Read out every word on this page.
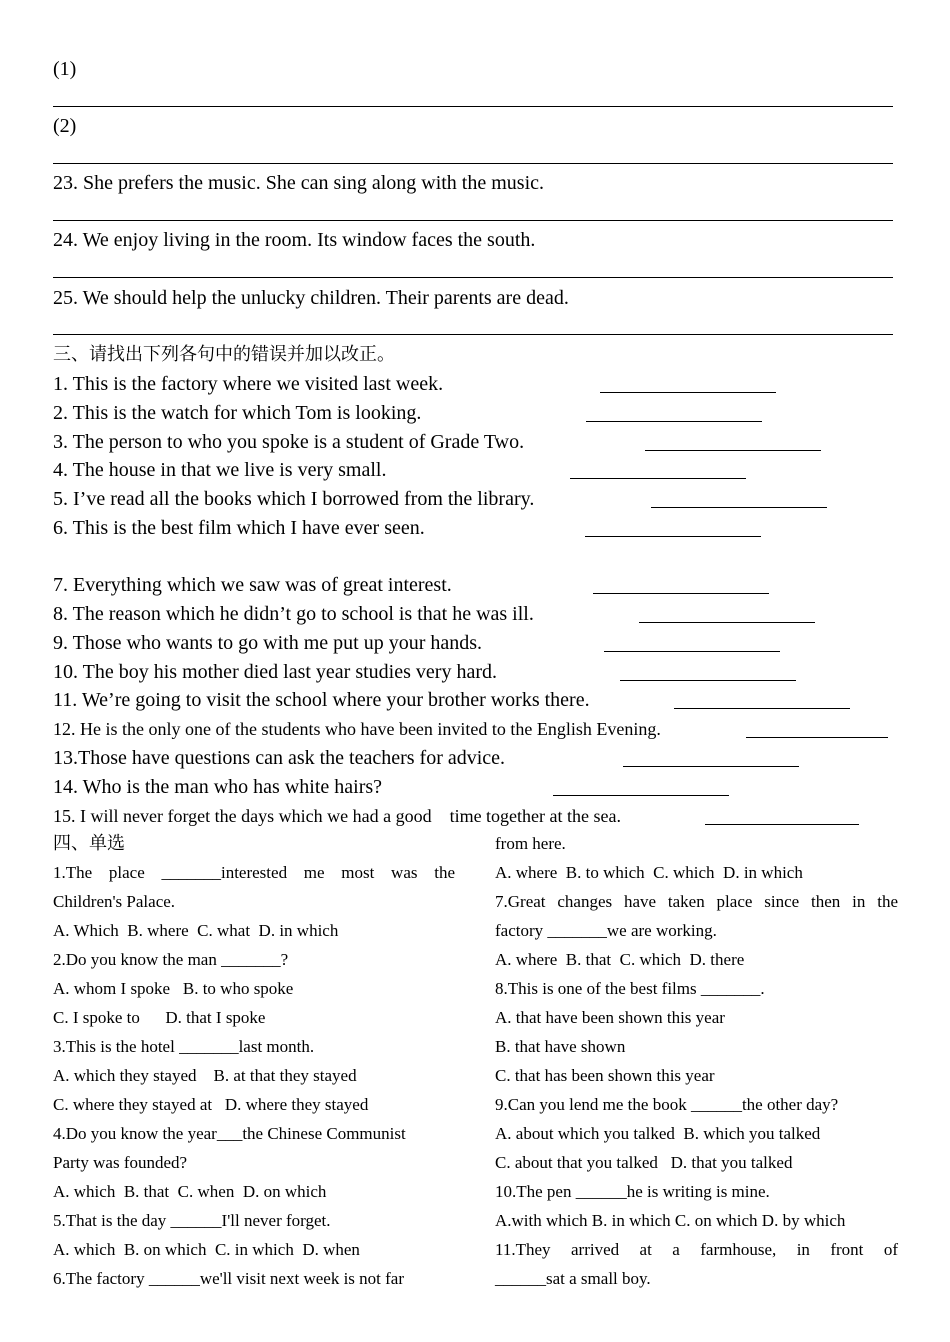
(1)
(2)
23. She prefers the music. She can sing along with the music.
24. We enjoy living in the room. Its window faces the south.
25. We should help the unlucky children. Their parents are dead.
三、请找出下列各句中的错误并加以改正。
1. This is the factory where we visited last week.
2. This is the watch for which Tom is looking.
3. The person to who you spoke is a student of Grade Two.
4. The house in that we live is very small.
5. I’ve read all the books which I borrowed from the library.
6. This is the best film which I have ever seen.
7. Everything which we saw was of great interest.
8. The reason which he didn’t go to school is that he was ill.
9. Those who wants to go with me put up your hands.
10. The boy his mother died last year studies very hard.
11. We’re going to visit the school where your brother works there.
12. He is the only one of the students who have been invited to the English Evening.
13.Those have questions can ask the teachers for advice.
14. Who is the man who has white hairs?
15. I will never forget the days which we had a good    time together at the sea.
四、单选
1.The place _______interested me most was the
Children's Palace.
A. Which  B. where  C. what  D. in which
2.Do you know the man _______?
A. whom I spoke   B. to who spoke
C. I spoke to      D. that I spoke
3.This is the hotel _______last month.
A. which they stayed    B. at that they stayed
C. where they stayed at   D. where they stayed
4.Do you know the year___the Chinese Communist
Party was founded?
A. which  B. that  C. when  D. on which
5.That is the day ______I'll never forget.
A. which  B. on which  C. in which  D. when
6.The factory ______we'll visit next week is not far
from here.
A. where  B. to which  C. which  D. in which
7.Great changes have taken place since then in the
factory _______we are working.
A. where  B. that  C. which  D. there
8.This is one of the best films _______.
A. that have been shown this year
B. that have shown
C. that has been shown this year
9.Can you lend me the book ______the other day?
A. about which you talked  B. which you talked
C. about that you talked   D. that you talked
10.The pen ______he is writing is mine.
A.with which B. in which C. on which D. by which
11.They arrived at a farmhouse, in front of
______sat a small boy.
